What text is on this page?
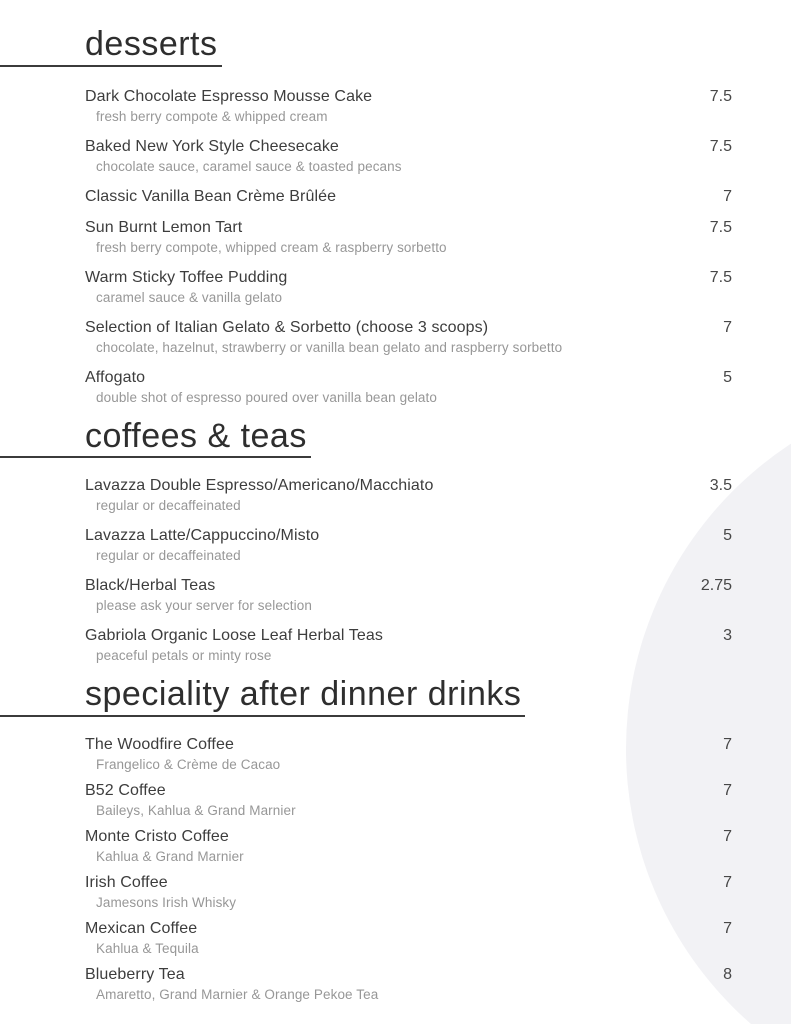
desserts
Dark Chocolate Espresso Mousse Cake	7.5
fresh berry compote & whipped cream
Baked New York Style Cheesecake	7.5
chocolate sauce, caramel sauce & toasted pecans
Classic Vanilla Bean Crème Brûlée	7
Sun Burnt Lemon Tart	7.5
fresh berry compote, whipped cream & raspberry sorbetto
Warm Sticky Toffee Pudding	7.5
caramel sauce & vanilla gelato
Selection of Italian Gelato & Sorbetto (choose 3 scoops)	7
chocolate, hazelnut, strawberry or vanilla bean gelato and raspberry sorbetto
Affogato	5
double shot of espresso poured over vanilla bean gelato
coffees & teas
Lavazza Double Espresso/Americano/Macchiato	3.5
regular or decaffeinated
Lavazza Latte/Cappuccino/Misto	5
regular or decaffeinated
Black/Herbal Teas	2.75
please ask your server for selection
Gabriola Organic Loose Leaf Herbal Teas	3
peaceful petals or minty rose
speciality after dinner drinks
The Woodfire Coffee	7
Frangelico & Crème de Cacao
B52 Coffee	7
Baileys, Kahlua & Grand Marnier
Monte Cristo Coffee	7
Kahlua & Grand Marnier
Irish Coffee	7
Jamesons Irish Whisky
Mexican Coffee	7
Kahlua & Tequila
Blueberry Tea	8
Amaretto, Grand Marnier & Orange Pekoe Tea
